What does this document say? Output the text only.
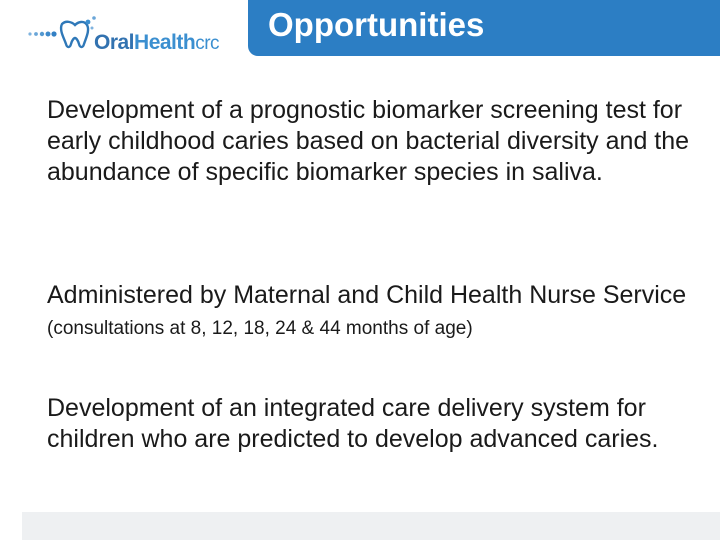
OralHealthcrc
Opportunities
Development of a prognostic biomarker screening test for early childhood caries based on bacterial diversity and the abundance of specific biomarker species in saliva.
Administered by Maternal and Child Health Nurse Service (consultations at 8, 12, 18, 24 & 44 months of age)
Development of an integrated care delivery system for children who are predicted to develop advanced caries.
